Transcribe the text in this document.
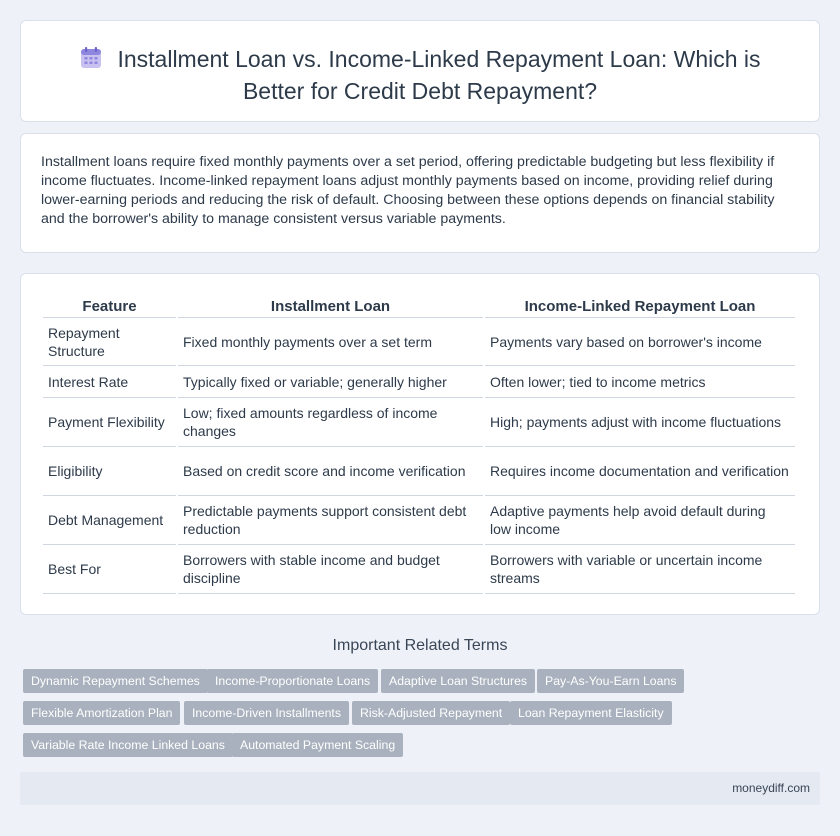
Installment Loan vs. Income-Linked Repayment Loan: Which is Better for Credit Debt Repayment?

Installment loans require fixed monthly payments over a set period, offering predictable budgeting but less flexibility if income fluctuates. Income-linked repayment loans adjust monthly payments based on income, providing relief during lower-earning periods and reducing the risk of default. Choosing between these options depends on financial stability and the borrower's ability to manage consistent versus variable payments.

Feature	Installment Loan	Income-Linked Repayment Loan
Repayment Structure	Fixed monthly payments over a set term	Payments vary based on borrower's income
Interest Rate	Typically fixed or variable; generally higher	Often lower; tied to income metrics
Payment Flexibility	Low; fixed amounts regardless of income changes	High; payments adjust with income fluctuations
Eligibility	Based on credit score and income verification	Requires income documentation and verification
Debt Management	Predictable payments support consistent debt reduction	Adaptive payments help avoid default during low income
Best For	Borrowers with stable income and budget discipline	Borrowers with variable or uncertain income streams
Important Related Terms
Dynamic Repayment Schemes	Income-Proportionate Loans	Adaptive Loan Structures	Pay-As-You-Earn Loans
Flexible Amortization Plan	Income-Driven Installments	Risk-Adjusted Repayment	Loan Repayment Elasticity
Variable Rate Income Linked Loans	Automated Payment Scaling
moneydiff.com
